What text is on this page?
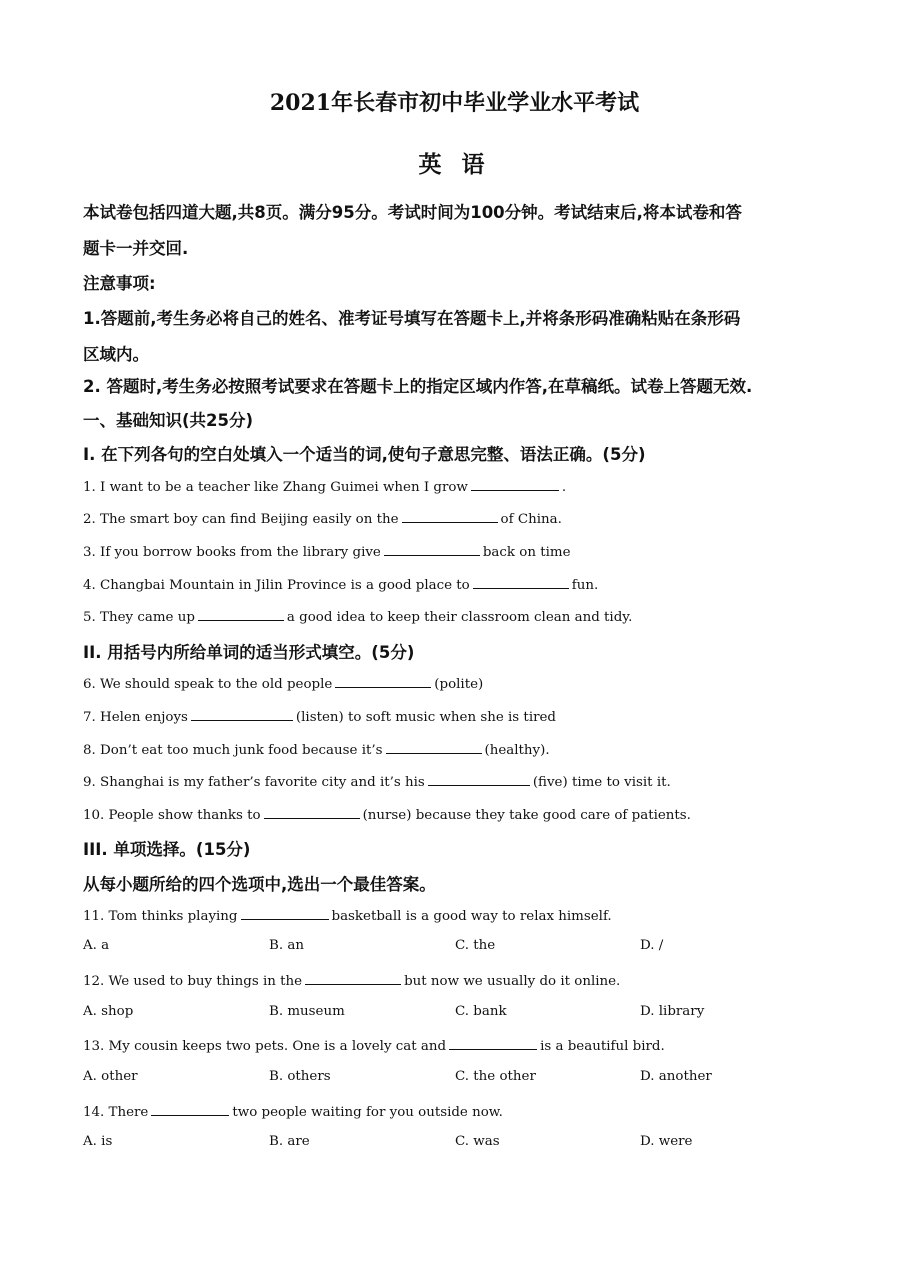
2021年长春市初中毕业学业水平考试
英 语
本试卷包括四道大题,共8页。满分95分。考试时间为100分钟。考试结束后,将本试卷和答
题卡一并交回.
注意事项:
1.答题前,考生务必将自己的姓名、准考证号填写在答题卡上,并将条形码准确粘贴在条形码
区域内。
2. 答题时,考生务必按照考试要求在答题卡上的指定区域内作答,在草稿纸。试卷上答题无效.
一、基础知识(共25分)
I. 在下列各句的空白处填入一个适当的词,使句子意思完整、语法正确。(5分)
1. I want to be a teacher like Zhang Guimei when I grow	.
2. The smart boy can find Beijing easily on the	of China.
3. If you borrow books from the library give	back on time
4. Changbai Mountain in Jilin Province is a good place to	fun.
5. They came up	a good idea to keep their classroom clean and tidy.
II. 用括号内所给单词的适当形式填空。(5分)
6. We should speak to the old people	(polite)
7. Helen enjoys	(listen) to soft music when she is tired
8. Don’t eat too much junk food because it’s	(healthy).
9. Shanghai is my father’s favorite city and it’s his	(five) time to visit it.
10. People show thanks to	(nurse) because they take good care of patients.
III. 单项选择。(15分)
从每小题所给的四个选项中,选出一个最佳答案。
11. Tom thinks playing	basketball is a good way to relax himself.
A. a	B. an	C. the	D. /
12. We used to buy things in the	but now we usually do it online.
A. shop	B. museum	C. bank	D. library
13. My cousin keeps two pets. One is a lovely cat and	is a beautiful bird.
A. other	B. others	C. the other	D. another
14. There	two people waiting for you outside now.
A. is	B. are	C. was	D. were
